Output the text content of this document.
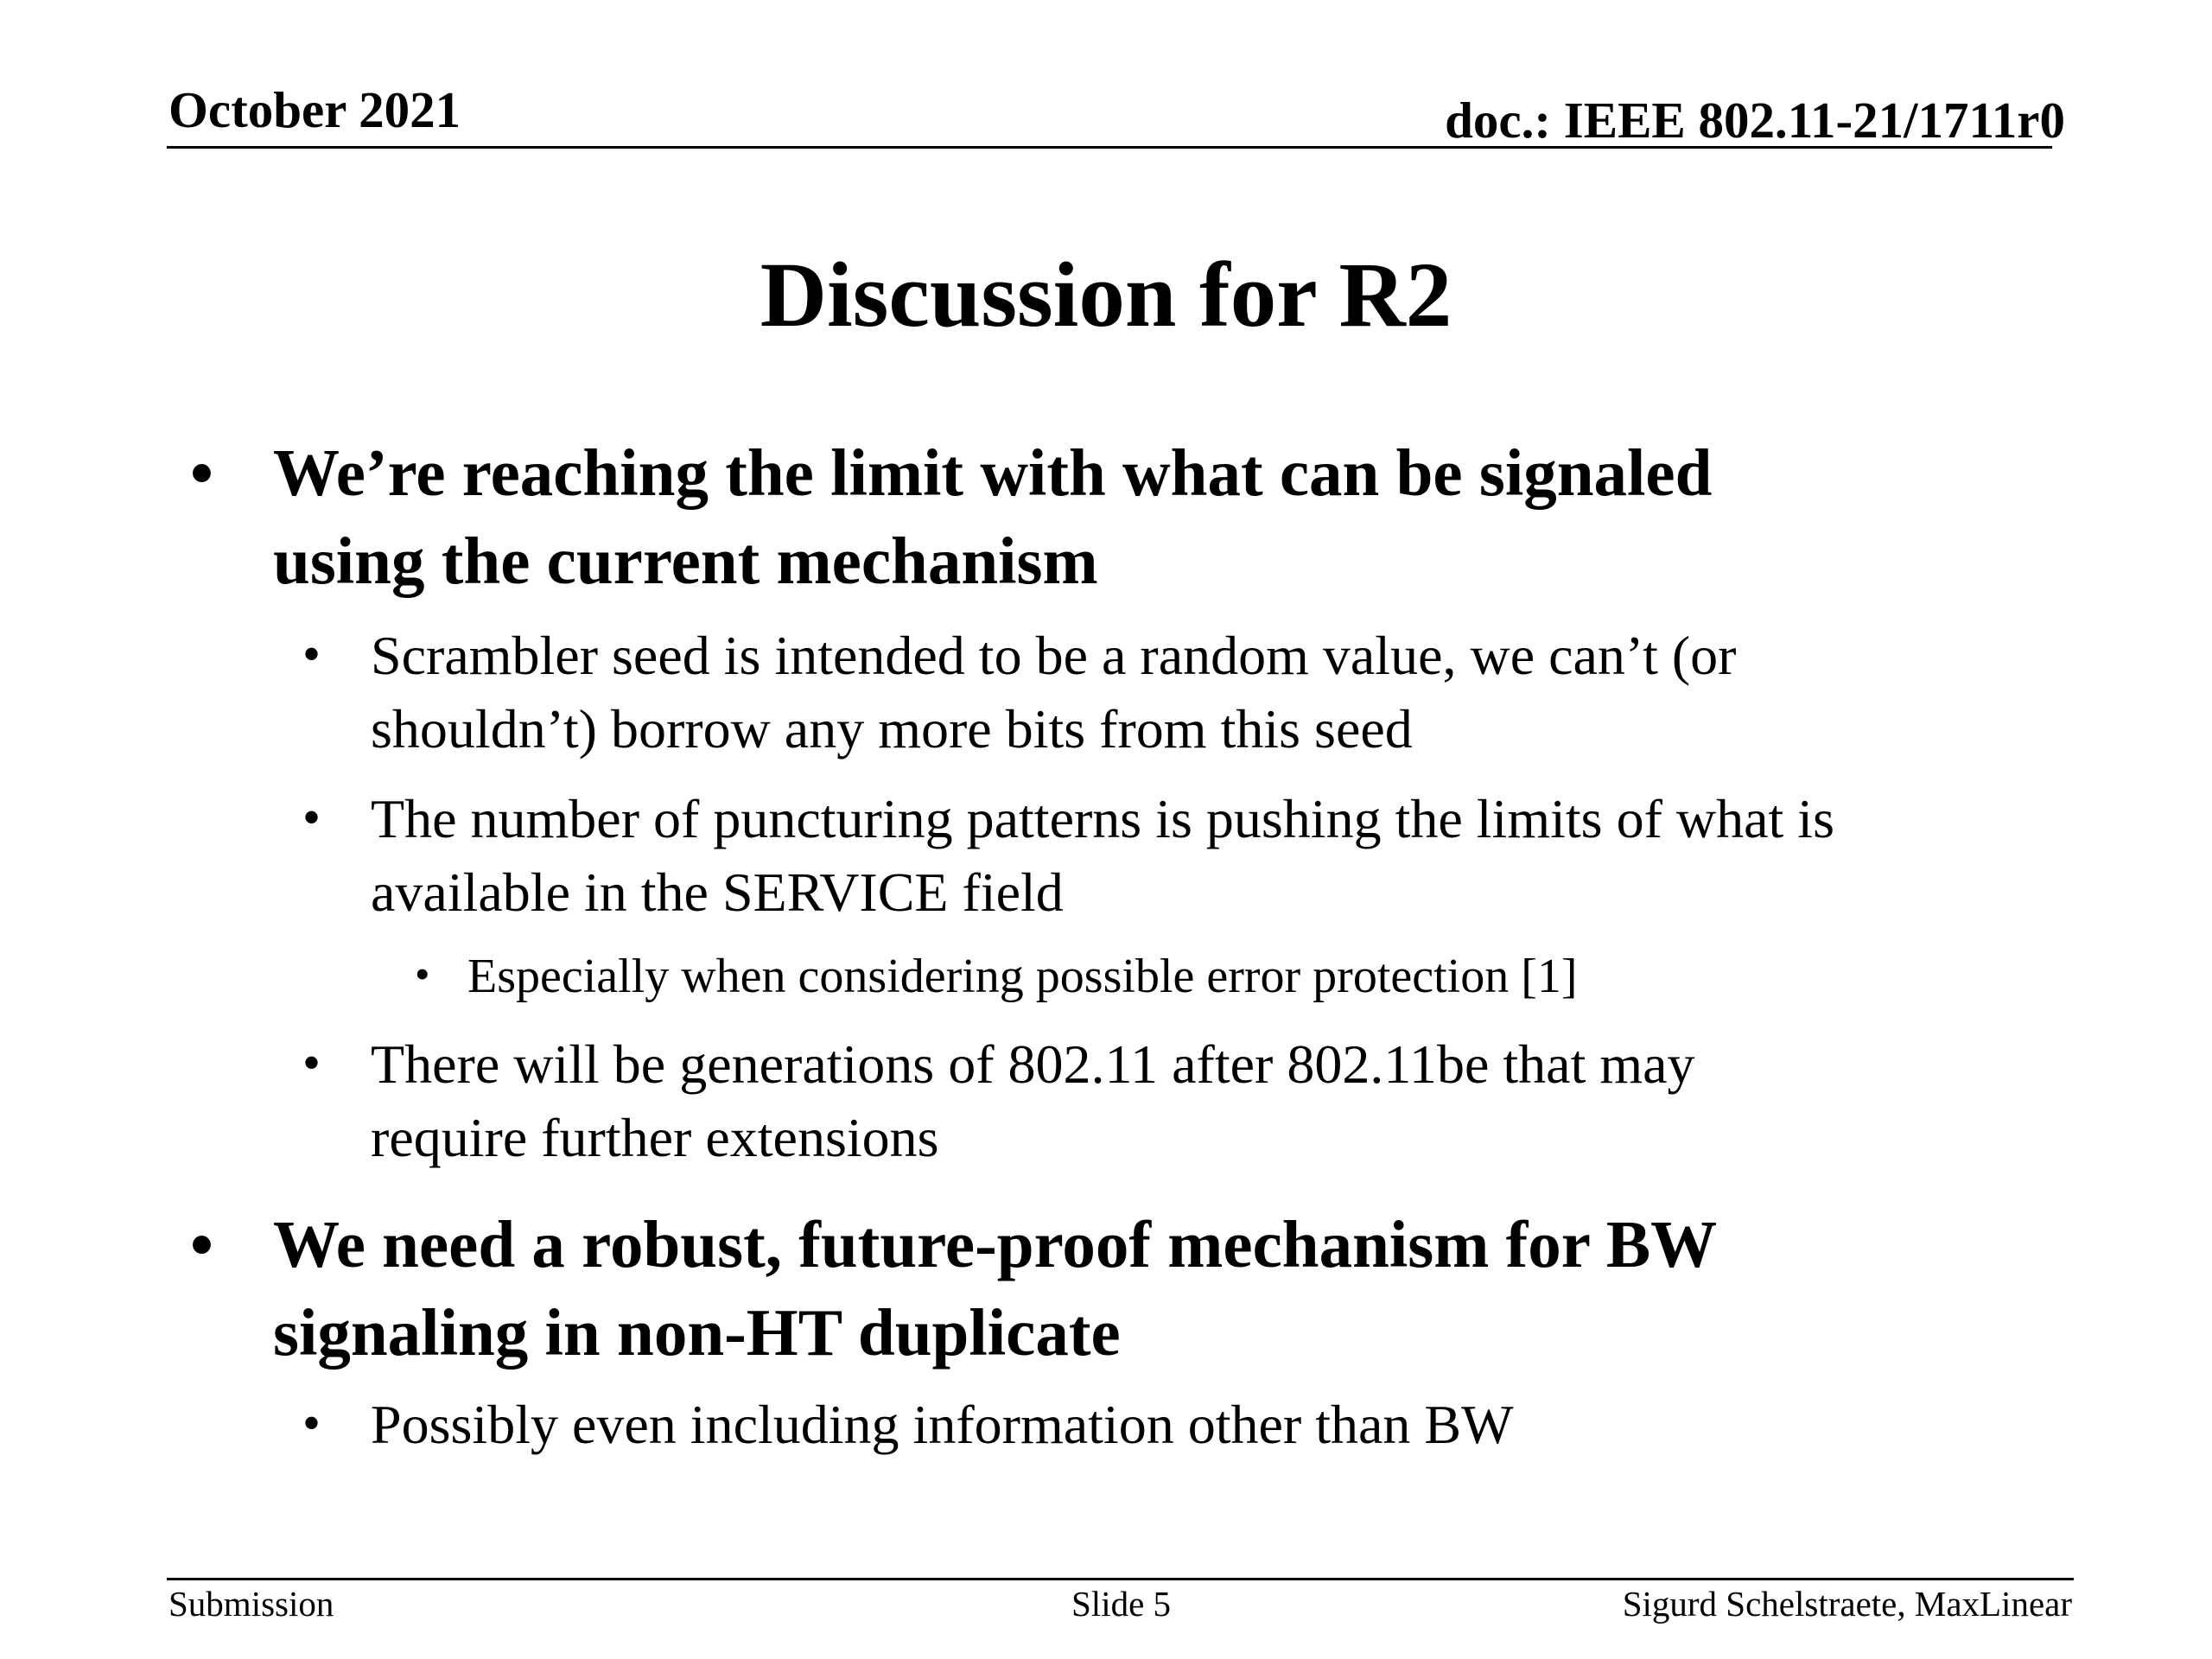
October 2021	doc.: IEEE 802.11-21/1711r0
Discussion for R2
• We’re reaching the limit with what can be signaled
using the current mechanism
• Scrambler seed is intended to be a random value, we can’t (or
shouldn’t) borrow any more bits from this seed
• The number of puncturing patterns is pushing the limits of what is
available in the SERVICE field
• Especially when considering possible error protection [1]
• There will be generations of 802.11 after 802.11be that may
require further extensions
• We need a robust, future-proof mechanism for BW
signaling in non-HT duplicate
• Possibly even including information other than BW
Submission	Slide 5	Sigurd Schelstraete, MaxLinear
